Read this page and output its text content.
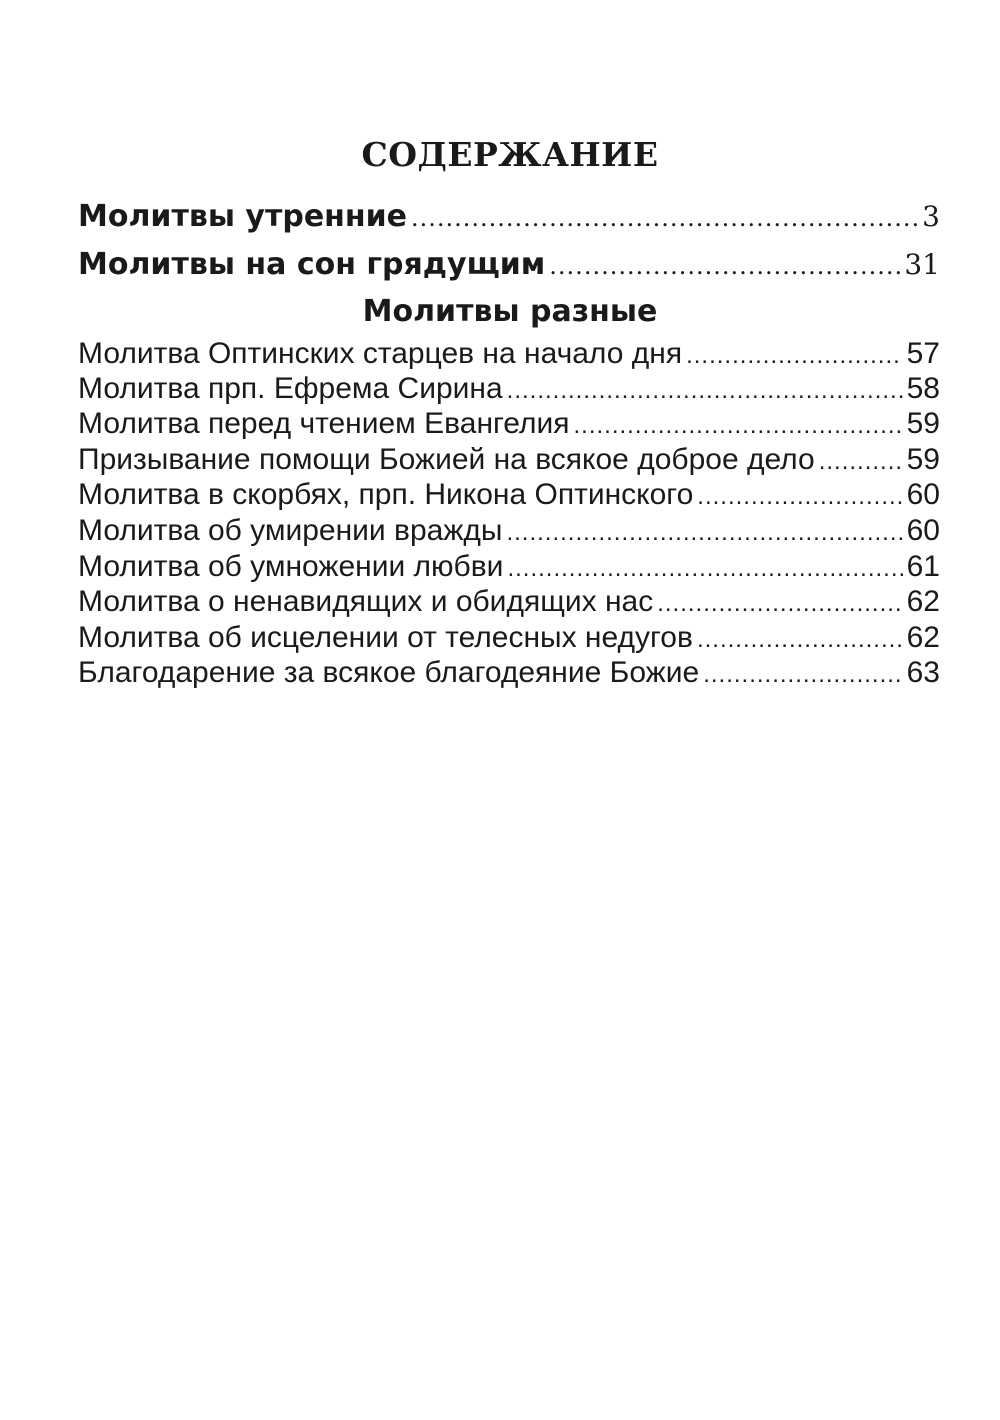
СОДЕРЖАНИЕ
Молитвы утренние .....	3
Молитвы на сон грядущим .....	31
Молитвы разные
Молитва Оптинских старцев на начало дня .....	57
Молитва прп. Ефрема Сирина .....	58
Молитва перед чтением Евангелия .....	59
Призывание помощи Божией на всякое доброе дело .....	59
Молитва в скорбях, прп. Никона Оптинского .....	60
Молитва об умирении вражды .....	60
Молитва об умножении любви .....	61
Молитва о ненавидящих и обидящих нас .....	62
Молитва об исцелении от телесных недугов .....	62
Благодарение за всякое благодеяние Божие .....	63
